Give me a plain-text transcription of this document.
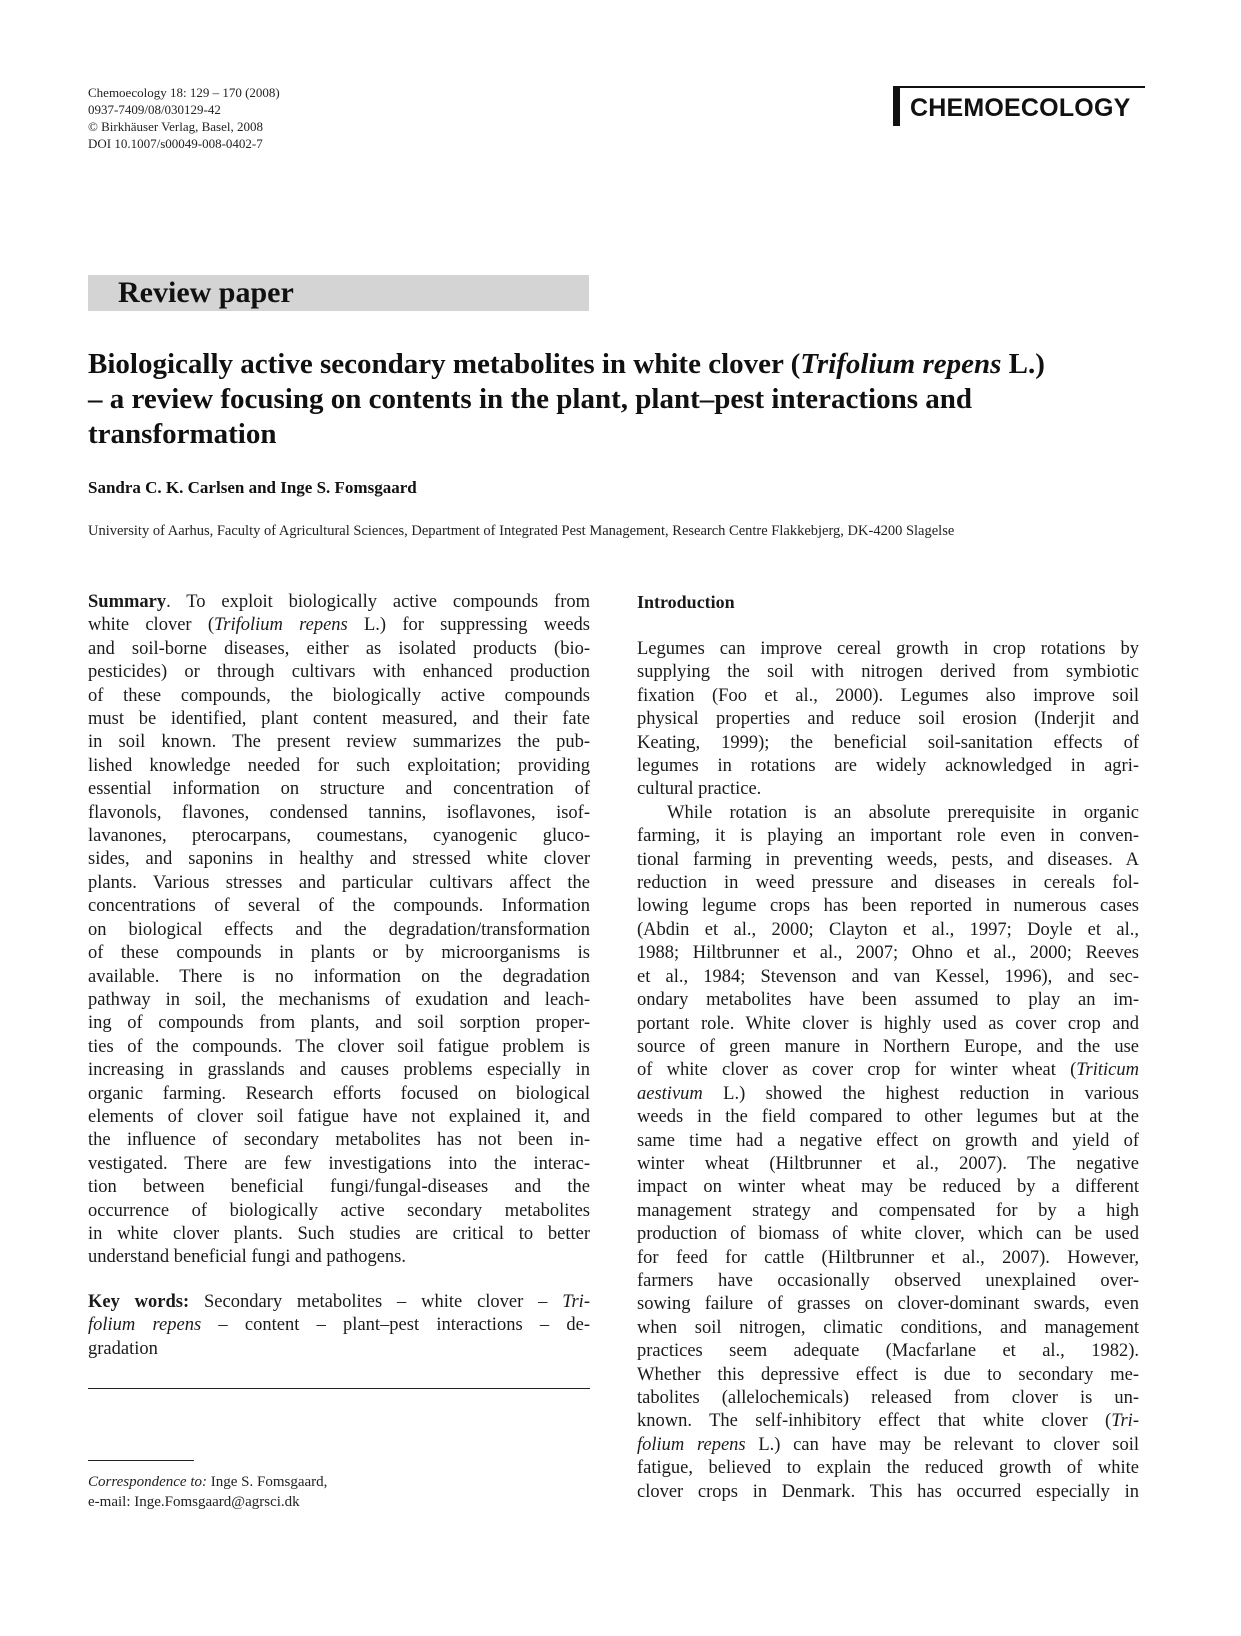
Chemoecology 18: 129 – 170 (2008)
0937-7409/08/030129-42
© Birkhäuser Verlag, Basel, 2008
DOI 10.1007/s00049-008-0402-7
CHEMOECOLOGY
Review paper
Biologically active secondary metabolites in white clover (Trifolium repens L.)
– a review focusing on contents in the plant, plant–pest interactions and
transformation
Sandra C. K. Carlsen and Inge S. Fomsgaard
University of Aarhus, Faculty of Agricultural Sciences, Department of Integrated Pest Management, Research Centre Flakkebjerg, DK-4200 Slagelse
Summary. To exploit biologically active compounds from
white clover (Trifolium repens L.) for suppressing weeds
and soil-borne diseases, either as isolated products (bio-
pesticides) or through cultivars with enhanced production
of these compounds, the biologically active compounds
must be identified, plant content measured, and their fate
in soil known. The present review summarizes the pub-
lished knowledge needed for such exploitation; providing
essential information on structure and concentration of
flavonols, flavones, condensed tannins, isoflavones, isof-
lavanones, pterocarpans, coumestans, cyanogenic gluco-
sides, and saponins in healthy and stressed white clover
plants. Various stresses and particular cultivars affect the
concentrations of several of the compounds. Information
on biological effects and the degradation/transformation
of these compounds in plants or by microorganisms is
available. There is no information on the degradation
pathway in soil, the mechanisms of exudation and leach-
ing of compounds from plants, and soil sorption proper-
ties of the compounds. The clover soil fatigue problem is
increasing in grasslands and causes problems especially in
organic farming. Research efforts focused on biological
elements of clover soil fatigue have not explained it, and
the influence of secondary metabolites has not been in-
vestigated. There are few investigations into the interac-
tion between beneficial fungi/fungal-diseases and the
occurrence of biologically active secondary metabolites
in white clover plants. Such studies are critical to better
understand beneficial fungi and pathogens.
Key words: Secondary metabolites – white clover – Tri-
folium repens – content – plant–pest interactions – de-
gradation
Correspondence to: Inge S. Fomsgaard,
e-mail: Inge.Fomsgaard@agrsci.dk
Introduction
Legumes can improve cereal growth in crop rotations by
supplying the soil with nitrogen derived from symbiotic
fixation (Foo et al., 2000). Legumes also improve soil
physical properties and reduce soil erosion (Inderjit and
Keating, 1999); the beneficial soil-sanitation effects of
legumes in rotations are widely acknowledged in agri-
cultural practice.
While rotation is an absolute prerequisite in organic
farming, it is playing an important role even in conven-
tional farming in preventing weeds, pests, and diseases. A
reduction in weed pressure and diseases in cereals fol-
lowing legume crops has been reported in numerous cases
(Abdin et al., 2000; Clayton et al., 1997; Doyle et al.,
1988; Hiltbrunner et al., 2007; Ohno et al., 2000; Reeves
et al., 1984; Stevenson and van Kessel, 1996), and sec-
ondary metabolites have been assumed to play an im-
portant role. White clover is highly used as cover crop and
source of green manure in Northern Europe, and the use
of white clover as cover crop for winter wheat (Triticum
aestivum L.) showed the highest reduction in various
weeds in the field compared to other legumes but at the
same time had a negative effect on growth and yield of
winter wheat (Hiltbrunner et al., 2007). The negative
impact on winter wheat may be reduced by a different
management strategy and compensated for by a high
production of biomass of white clover, which can be used
for feed for cattle (Hiltbrunner et al., 2007). However,
farmers have occasionally observed unexplained over-
sowing failure of grasses on clover-dominant swards, even
when soil nitrogen, climatic conditions, and management
practices seem adequate (Macfarlane et al., 1982).
Whether this depressive effect is due to secondary me-
tabolites (allelochemicals) released from clover is un-
known. The self-inhibitory effect that white clover (Tri-
folium repens L.) can have may be relevant to clover soil
fatigue, believed to explain the reduced growth of white
clover crops in Denmark. This has occurred especially in
